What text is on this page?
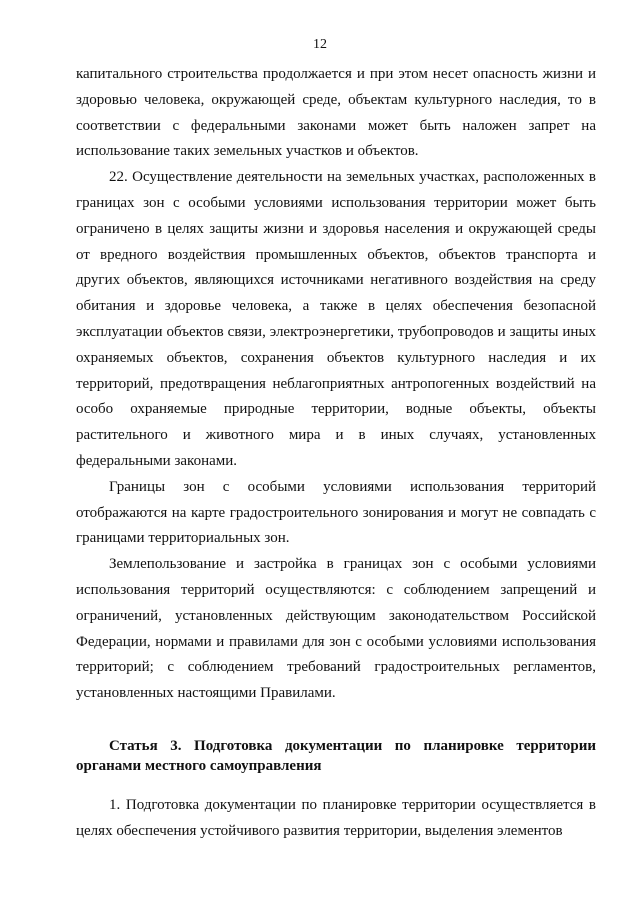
12

капитального строительства продолжается и при этом несет опасность жизни и здоровью человека, окружающей среде, объектам культурного наследия, то в соответствии с федеральными законами может быть наложен запрет на использование таких земельных участков и объектов.

22. Осуществление деятельности на земельных участках, расположенных в границах зон с особыми условиями использования территории может быть ограничено в целях защиты жизни и здоровья населения и окружающей среды от вредного воздействия промышленных объектов, объектов транспорта и других объектов, являющихся источниками негативного воздействия на среду обитания и здоровье человека, а также в целях обеспечения безопасной эксплуатации объектов связи, электроэнергетики, трубопроводов и защиты иных охраняемых объектов, сохранения объектов культурного наследия и их территорий, предотвращения неблагоприятных антропогенных воздействий на особо охраняемые природные территории, водные объекты, объекты растительного и животного мира и в иных случаях, установленных федеральными законами.

Границы зон с особыми условиями использования территорий отображаются на карте градостроительного зонирования и могут не совпадать с границами территориальных зон.

Землепользование и застройка в границах зон с особыми условиями использования территорий осуществляются: с соблюдением запрещений и ограничений, установленных действующим законодательством Российской Федерации, нормами и правилами для зон с особыми условиями использования территорий; с соблюдением требований градостроительных регламентов, установленных настоящими Правилами.

Статья 3. Подготовка документации по планировке территории органами местного самоуправления

1. Подготовка документации по планировке территории осуществляется в целях обеспечения устойчивого развития территории, выделения элементов
